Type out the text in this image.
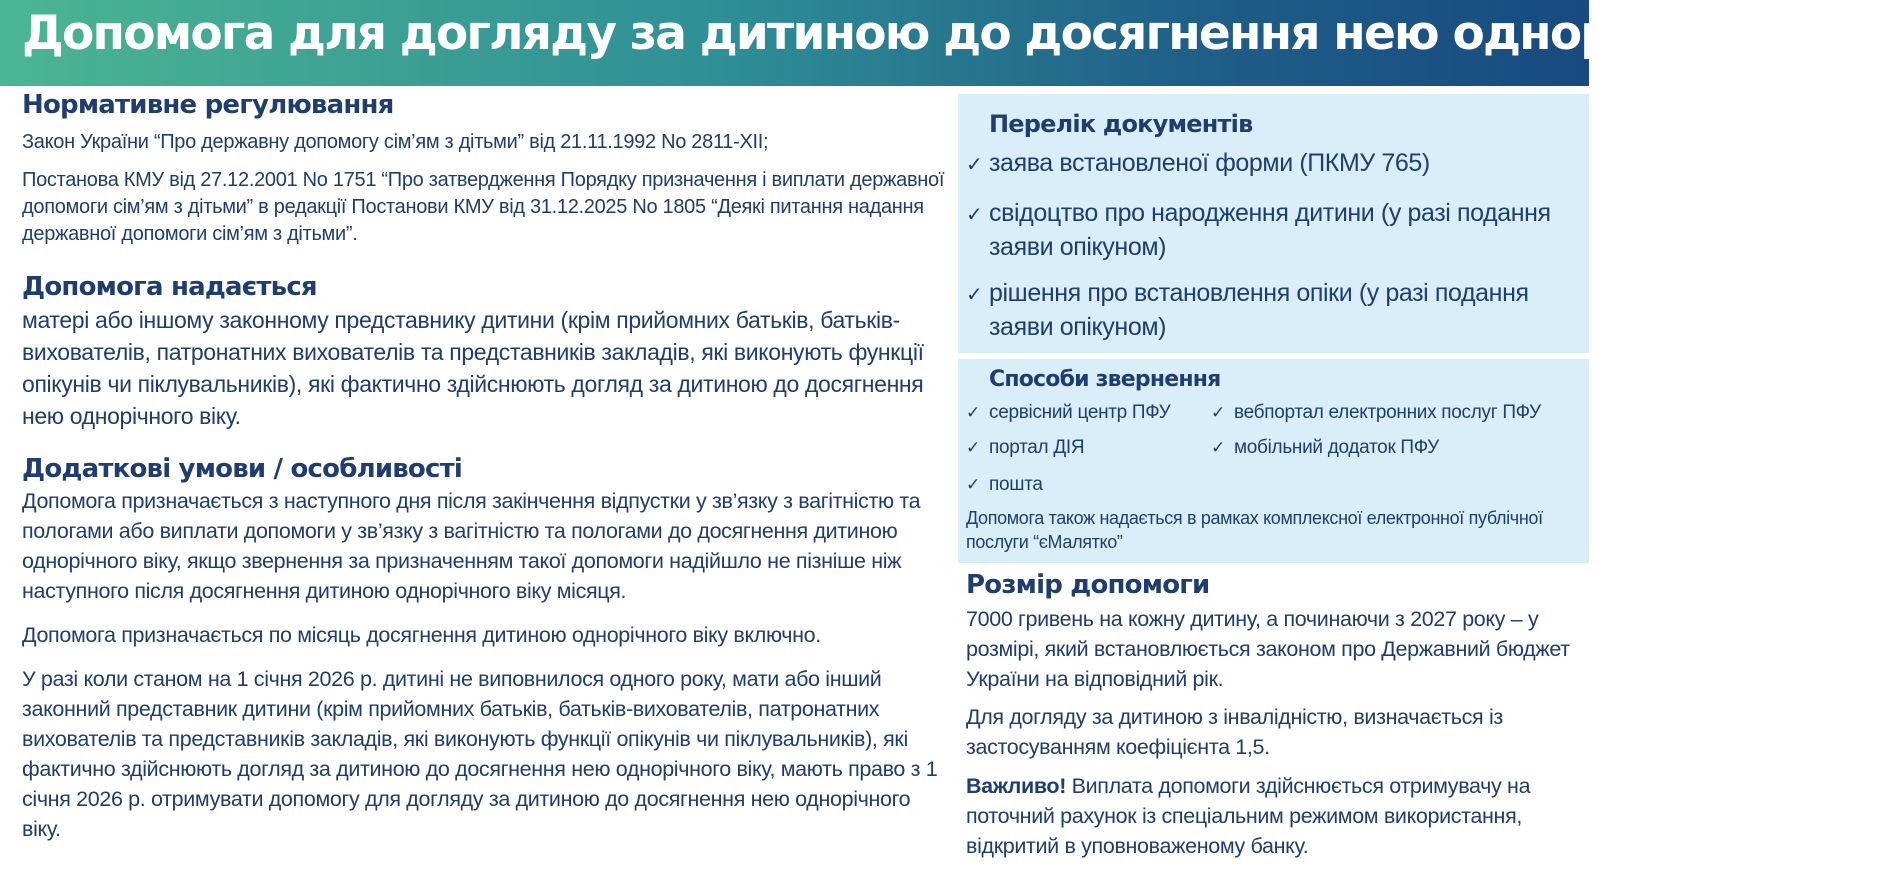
Допомога для догляду за дитиною до досягнення нею однорічного віку
Нормативне регулювання

Закон України “Про державну допомогу сім’ям з дітьми” від 21.11.1992 No 2811-XII;

Постанова КМУ від 27.12.2001 No 1751 “Про затвердження Порядку призначення і виплати державної допомоги сім’ям з дітьми” в редакції Постанови КМУ від 31.12.2025 No 1805 “Деякі питання надання державної допомоги сім’ям з дітьми”.

Допомога надається

матері або іншому законному представнику дитини (крім прийомних батьків, батьків-вихователів, патронатних вихователів та представників закладів, які виконують функції опікунів чи піклувальників), які фактично здійснюють догляд за дитиною до досягнення нею однорічного віку.

Додаткові умови / особливості

Допомога призначається з наступного дня після закінчення відпустки у зв’язку з вагітністю та пологами або виплати допомоги у зв’язку з вагітністю та пологами до досягнення дитиною однорічного віку, якщо звернення за призначенням такої допомоги надійшло не пізніше ніж наступного після досягнення дитиною однорічного віку місяця.

Допомога призначається по місяць досягнення дитиною однорічного віку включно.

У разі коли станом на 1 січня 2026 р. дитині не виповнилося одного року, мати або інший законний представник дитини (крім прийомних батьків, батьків-вихователів, патронатних вихователів та представників закладів, які виконують функції опікунів чи піклувальників), які фактично здійснюють догляд за дитиною до досягнення нею однорічного віку, мають право з 1 січня 2026 р. отримувати допомогу для догляду за дитиною до досягнення нею однорічного віку.

Перелік документів
✓ заява встановленої форми (ПКМУ 765)
✓ свідоцтво про народження дитини (у разі подання заяви опікуном)
✓ рішення про встановлення опіки (у разі подання заяви опікуном)
Способи звернення
✓ сервісний центр ПФУ ✓ вебпортал електронних послуг ПФУ
✓ портал ДІЯ	✓ мобільний додаток ПФУ
✓ пошта

Допомога також надається в рамках комплексної електронної публічної послуги “єМалятко”

Розмір допомоги

7000 гривень на кожну дитину, а починаючи з 2027 року – у розмірі, який встановлюється законом про Державний бюджет України на відповідний рік.

Для догляду за дитиною з інвалідністю, визначається із застосуванням коефіцієнта 1,5.

Важливо! Виплата допомоги здійснюється отримувачу на поточний рахунок із спеціальним режимом використання, відкритий в уповноваженому банку.
